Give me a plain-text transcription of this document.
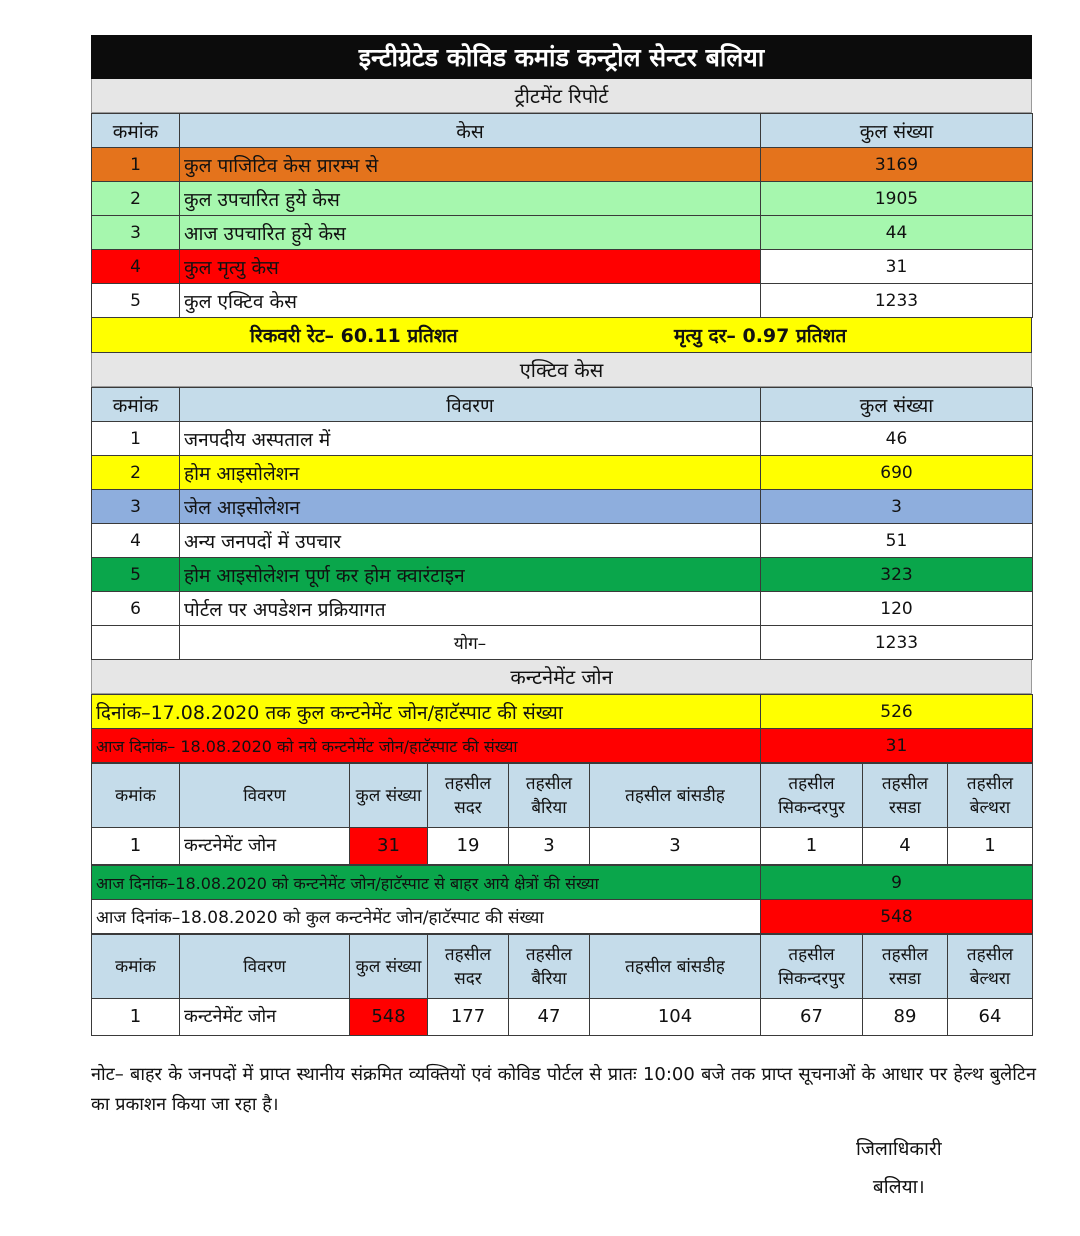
इन्टीग्रेटेड कोविड कमांड कन्ट्रोल सेन्टर बलिया
ट्रीटमेंट रिपोर्ट
कमांक	केस	कुल संख्या
1	कुल पाजिटिव केस प्रारम्भ से	3169
2	कुल उपचारित हुये केस	1905
3	आज उपचारित हुये केस	44
4	कुल मृत्यु केस	31
5	कुल एक्टिव केस	1233
रिकवरी रेट– 60.11 प्रतिशत	मृत्यु दर– 0.97 प्रतिशत
एक्टिव केस
कमांक	विवरण	कुल संख्या
1	जनपदीय अस्पताल में	46
2	होम आइसोलेशन	690
3	जेल आइसोलेशन	3
4	अन्य जनपदों में उपचार	51
5	होम आइसोलेशन पूर्ण कर होम क्वारंटाइन	323
6	पोर्टल पर अपडेशन प्रक्रियागत	120
	योग–	1233
कन्टनेमेंट जोन
दिनांक–17.08.2020 तक कुल कन्टनेमेंट जोन/हाटॅस्पाट की संख्या	526
आज दिनांक– 18.08.2020 को नये कन्टनेमेंट जोन/हाटॅस्पाट की संख्या	31
कमांक	विवरण	कुल संख्या	तहसील सदर	तहसील बैरिया	तहसील बांसडीह	तहसील सिकन्दरपुर	तहसील रसडा	तहसील बेल्थरा
1	कन्टनेमेंट जोन	31	19	3	3	1	4	1
आज दिनांक–18.08.2020 को कन्टनेमेंट जोन/हाटॅस्पाट से बाहर आये क्षेत्रों की संख्या	9
आज दिनांक–18.08.2020 को कुल कन्टनेमेंट जोन/हाटॅस्पाट की संख्या	548
कमांक	विवरण	कुल संख्या	तहसील सदर	तहसील बैरिया	तहसील बांसडीह	तहसील सिकन्दरपुर	तहसील रसडा	तहसील बेल्थरा
1	कन्टनेमेंट जोन	548	177	47	104	67	89	64
नोट– बाहर के जनपदों में प्राप्त स्थानीय संक्रमित व्यक्तियों एवं कोविड पोर्टल से प्रातः 10:00 बजे तक प्राप्त सूचनाओं के आधार पर हेल्थ बुलेटिन का प्रकाशन किया जा रहा है।
जिलाधिकारी
बलिया।
